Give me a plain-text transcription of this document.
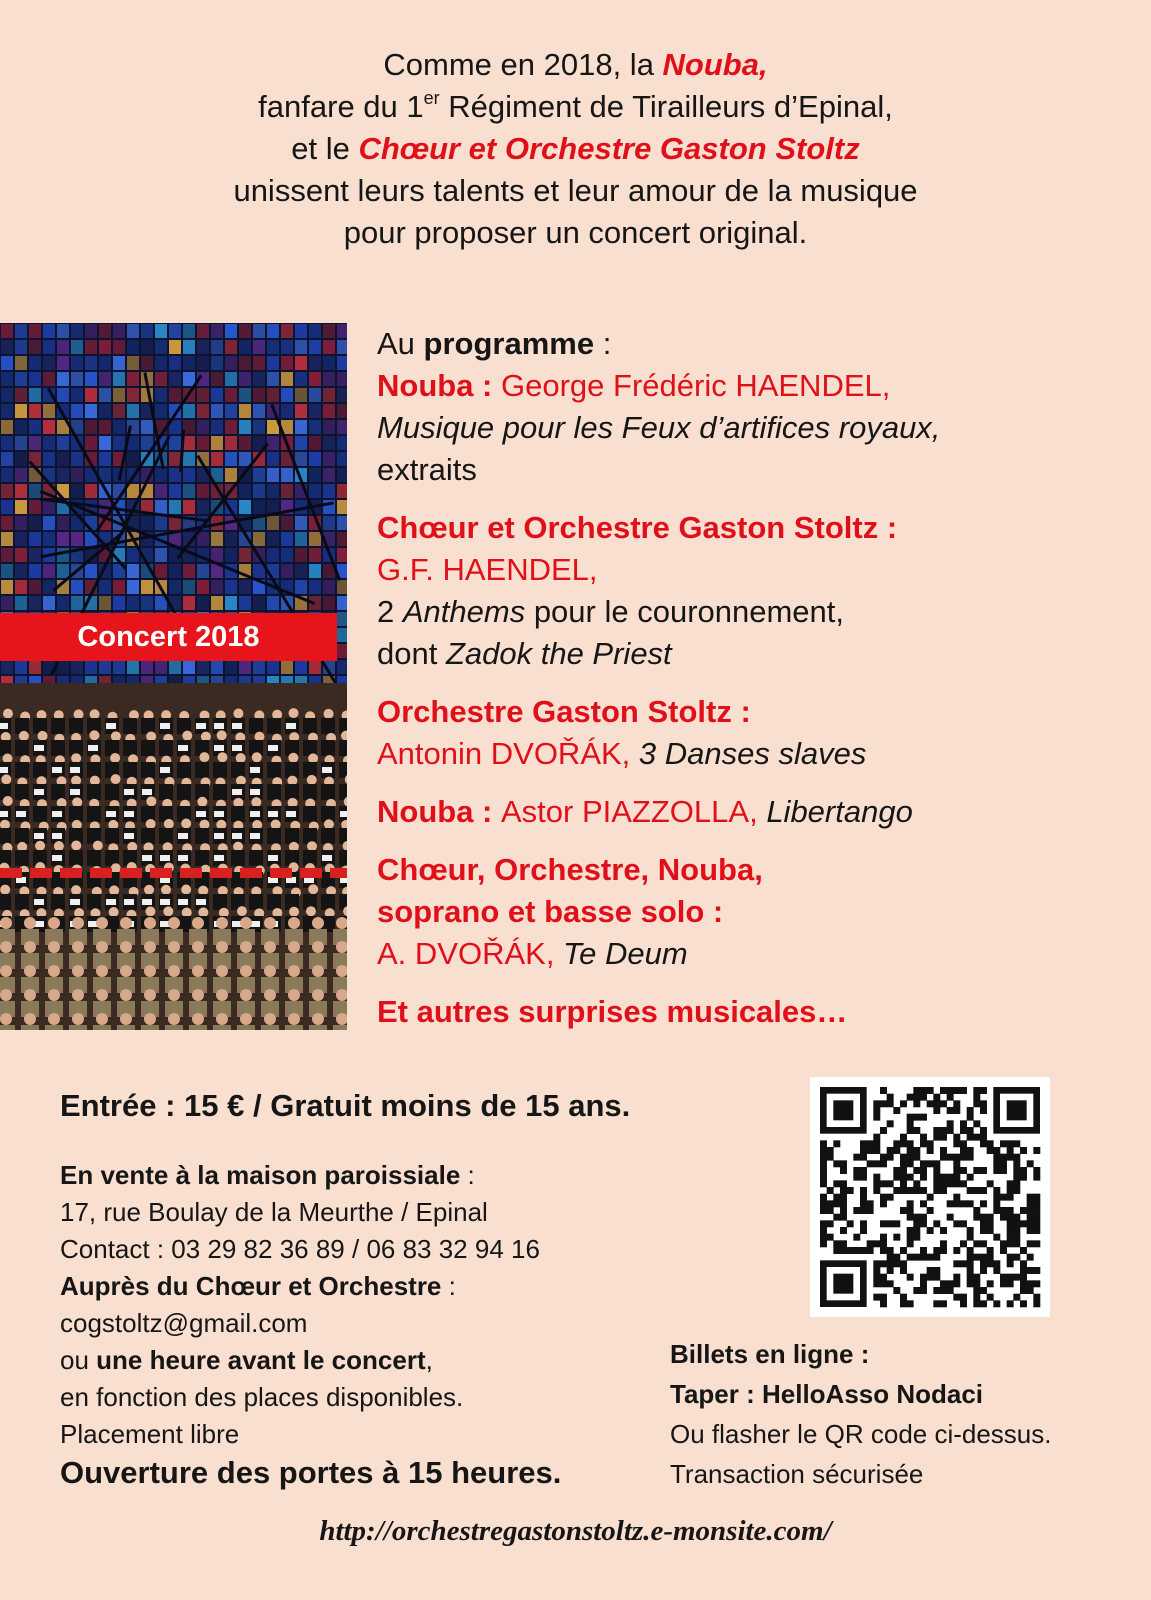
Comme en 2018, la Nouba,
fanfare du 1er Régiment de Tirailleurs d’Epinal,
et le Chœur et Orchestre Gaston Stoltz
unissent leurs talents et leur amour de la musique
pour proposer un concert original.
Concert 2018

Au programme :

Nouba : George Frédéric HAENDEL,

Musique pour les Feux d’artifices royaux,

extraits

Chœur et Orchestre Gaston Stoltz :

G.F. HAENDEL,

2 Anthems pour le couronnement,

dont Zadok the Priest

Orchestre Gaston Stoltz :

Antonin DVOŘÁK, 3 Danses slaves

Nouba : Astor PIAZZOLLA, Libertango

Chœur, Orchestre, Nouba,

soprano et basse solo :

A. DVOŘÁK, Te Deum

Et autres surprises musicales…

Entrée : 15 € / Gratuit moins de 15 ans.

En vente à la maison paroissiale :

17, rue Boulay de la Meurthe / Epinal

Contact : 03 29 82 36 89 / 06 83 32 94 16

Auprès du Chœur et Orchestre :

cogstoltz@gmail.com

ou une heure avant le concert,

en fonction des places disponibles.

Placement libre

Ouverture des portes à 15 heures.

Billets en ligne :

Taper : HelloAsso Nodaci

Ou flasher le QR code ci-dessus.

Transaction sécurisée

http://orchestregastonstoltz.e-monsite.com/
